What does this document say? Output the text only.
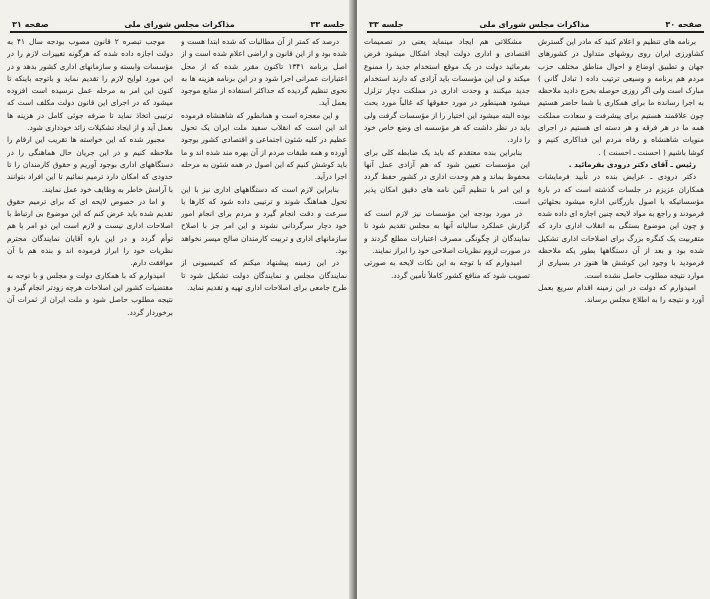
جلسه ۳۳
مذاکرات مجلس شورای ملی
صفحه ۳۱

درصد که کمتر از آن مطالبات که شده ابتدا هست و شده بود و از این قانون و اراضی اعلام شده است و از اصل برنامه ۱۳۴۱ تاکنون مقرر شده که از محل اعتبارات عمرانی اجرا شود و در این برنامه هزینه ها به نحوی تنظیم گردیده که حداکثر استفاده از منابع موجود بعمل آید.

و این معجزه است و همانطور که شاهنشاه فرموده اند این است که انقلاب سفید ملت ایران یک تحول عظیم در کلیه شئون اجتماعی و اقتصادی کشور بوجود آورده و همه طبقات مردم از آن بهره مند شده اند و ما باید کوشش کنیم که این اصول در همه شئون به مرحله اجرا درآید.

بنابراین لازم است که دستگاههای اداری نیز با این تحول هماهنگ شوند و ترتیبی داده شود که کارها با سرعت و دقت انجام گیرد و مردم برای انجام امور خود دچار سرگردانی نشوند و این امر جز با اصلاح سازمانهای اداری و تربیت کارمندان صالح میسر نخواهد بود.

در این زمینه پیشنهاد میکنم که کمیسیونی از نمایندگان مجلس و نمایندگان دولت تشکیل شود تا طرح جامعی برای اصلاحات اداری تهیه و تقدیم نماید.

موجب تبصره ۲ قانون مصوب بودجه سال ۴۱ به دولت اجازه داده شده که هرگونه تغییرات لازم را در مؤسسات وابسته و سازمانهای اداری کشور بدهد و در این مورد لوایح لازم را تقدیم نماید و باتوجه باینکه تا کنون این امر به مرحله عمل نرسیده است افزوده میشود که در اجرای این قانون دولت مکلف است که ترتیبی اتخاذ نماید تا صرفه جوئی کامل در هزینه ها بعمل آید و از ایجاد تشکیلات زائد خودداری شود.

مجبور شده که این خواسته ها تقریب این ارقام را ملاحظه کنیم و در این جریان حال هماهنگی را در دستگاههای اداری بوجود آوریم و حقوق کارمندان را تا حدودی که امکان دارد ترمیم نمائیم تا این افراد بتوانند با آرامش خاطر به وظایف خود عمل نمایند.

و اما در خصوص لایحه ای که برای ترمیم حقوق تقدیم شده باید عرض کنم که این موضوع بی ارتباط با اصلاحات اداری نیست و لازم است این دو امر با هم توأم گردد و در این باره آقایان نمایندگان محترم نظریات خود را ابراز فرموده اند و بنده هم با آن موافقت دارم.

امیدوارم که با همکاری دولت و مجلس و با توجه به مقتضیات کشور این اصلاحات هرچه زودتر انجام گیرد و نتیجه مطلوب حاصل شود و ملت ایران از ثمرات آن برخوردار گردد.

صفحه ۳۰
مذاکرات مجلس شورای ملی
جلسه ۳۳

برنامه های تنظیم و اعلام کنید که مادر این گسترش کشاورزی ایران روی روشهای متداول در کشورهای جهان و تطبیق اوضاع و احوال مناطق مختلف حزب مردم هم برنامه و وسیعی ترتیب داده ( تبادل گانی ) مبارک است ولی اگر روزی حوصله بخرج دادید ملاحظه به اجرا رسانده ما برای همکاری با شما حاضر هستیم چون علاقمند هستیم برای پیشرفت و سعادت مملکت همه ما در هر فرقه و هر دسته ای هستیم در اجرای منویات شاهنشاه و رفاه مردم این فداکاری کنیم و کوشا باشیم ( احسنت ـ احسنت ) .

رئیس ـ آقای دکتر درودی بفرمائید .

دکتر درودی ـ عرایض بنده در تأیید فرمایشات همکاران عزیزم در جلسات گذشته است که در بارهٔ مؤسساتیکه با اصول بازرگانی اداره میشود بحثهائی فرمودند و راجع به مواد لایحه چنین اجازه ای داده شده و چون این موضوع بستگی به انقلاب اداری دارد که متقربیت یک کنگره بزرگ برای اصلاحات اداری تشکیل شده بود و بعد از آن دستگاهها بطور یکه ملاحظه فرمودید با وجود این کوشش ها هنوز در بسیاری از موارد نتیجه مطلوب حاصل نشده است.

امیدوارم که دولت در این زمینه اقدام سریع بعمل آورد و نتیجه را به اطلاع مجلس برساند.

مشکلاتی هم ایجاد مینماید یعنی در تصمیمات اقتصادی و اداری دولت ایجاد اشکال میشود فرض بفرمائید دولت در یک موقع استخدام جدید را ممنوع میکند و لی این مؤسسات باید آزادی که دارند استخدام جدید میکنند و وحدت اداری در مملکت دچار تزلزل میشود همینطور در مورد حقوقها که غالباً مورد بحث بوده البته میشود این اختیار را از مؤسسات گرفت ولی باید در نظر داشت که هر مؤسسه ای وضع خاص خود را دارد.

بنابراین بنده معتقدم که باید یک ضابطه کلی برای این مؤسسات تعیین شود که هم آزادی عمل آنها محفوظ بماند و هم وحدت اداری در کشور حفظ گردد و این امر با تنظیم آئین نامه های دقیق امکان پذیر است.

در مورد بودجه این مؤسسات نیز لازم است که گزارش عملکرد سالیانه آنها به مجلس تقدیم شود تا نمایندگان از چگونگی مصرف اعتبارات مطلع گردند و در صورت لزوم نظریات اصلاحی خود را ابراز نمایند.

امیدوارم که با توجه به این نکات لایحه به صورتی تصویب شود که منافع کشور کاملاً تأمین گردد.
